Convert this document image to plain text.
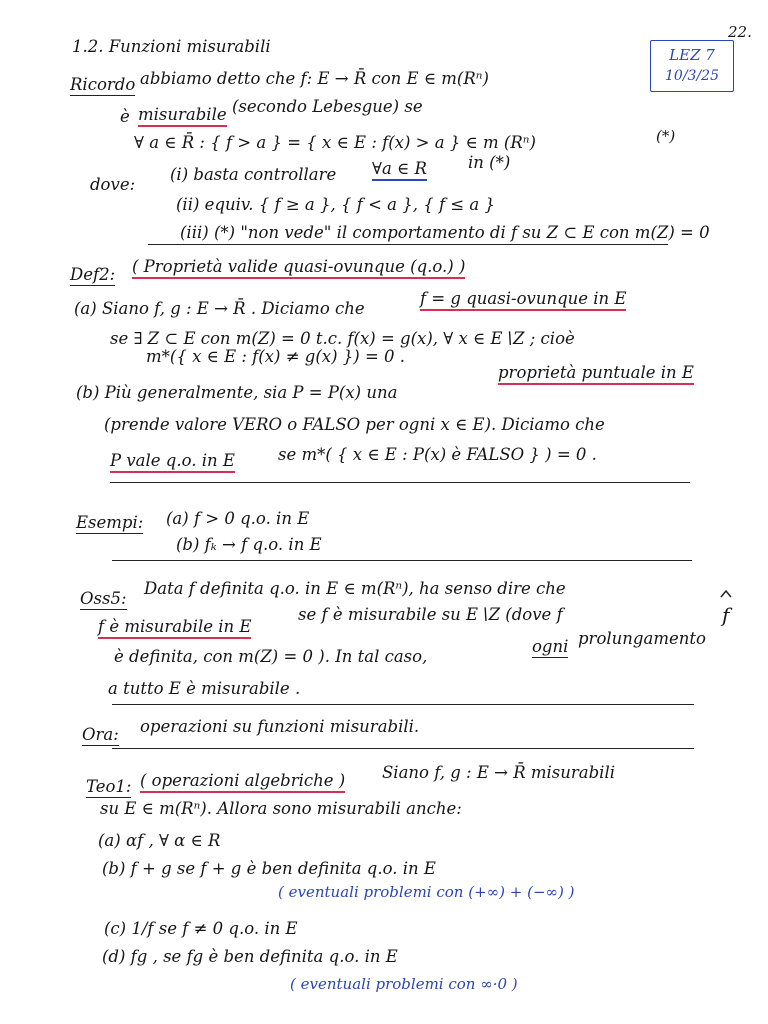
22.
LEZ 7
10/3/25
1.2. Funzioni misurabili
Ricordo abbiamo detto che f: E → R̄ con E ∈ m(Rⁿ)
è misurabile (secondo Lebesgue) se
∀ a ∈ R̄ : { f > a } = { x ∈ E : f(x) > a } ∈ m (Rⁿ)	(*)
dove:
(i) basta controllare ∀a ∈ R in (*)
(ii) equiv. { f ≥ a }, { f < a }, { f ≤ a }
(iii) (*) "non vede" il comportamento di f su Z ⊂ E con m(Z) = 0
Def2: ( Proprietà valide quasi-ovunque (q.o.) )
(a) Siano f, g : E → R̄ . Diciamo che
f = g quasi-ovunque in E
se ∃ Z ⊂ E con m(Z) = 0 t.c. f(x) = g(x), ∀ x ∈ E∖Z ; cioè
m*({ x ∈ E : f(x) ≠ g(x) }) = 0 .
(b) Più generalmente, sia P = P(x) una
proprietà puntuale in E
(prende valore VERO o FALSO per ogni x ∈ E). Diciamo che
P vale q.o. in E	se m*( { x ∈ E : P(x) è FALSO } ) = 0 .
Esempi: (a) f > 0 q.o. in E
(b) fₖ → f q.o. in E
Oss5:
Data f definita q.o. in E ∈ m(Rⁿ), ha senso dire che
f è misurabile in E
se f è misurabile su E∖Z (dove f	f
è definita, con m(Z) = 0 ). In tal caso,
ogni prolungamento
a tutto E è misurabile .
Ora: operazioni su funzioni misurabili.
Teo1: ( operazioni algebriche ) Siano f, g : E → R̄ misurabili
su E ∈ m(Rⁿ). Allora sono misurabili anche:
(a) αf , ∀ α ∈ R
(b) f + g se f + g è ben definita q.o. in E
( eventuali problemi con (+∞) + (−∞) )
(c) 1/f se f ≠ 0 q.o. in E
(d) fg , se fg è ben definita q.o. in E
( eventuali problemi con ∞·0 )
